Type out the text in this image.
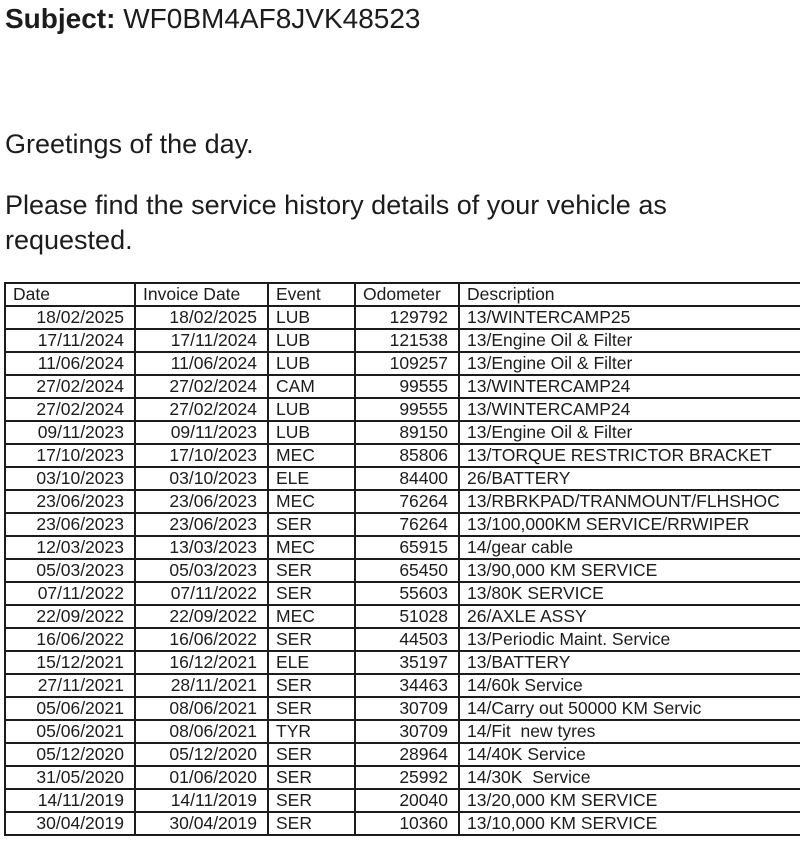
Subject: WF0BM4AF8JVK48523
Greetings of the day.
Please find the service history details of your vehicle as requested.
Date	Invoice Date	Event	Odometer	Description
18/02/2025	18/02/2025	LUB	129792	13/WINTERCAMP25
17/11/2024	17/11/2024	LUB	121538	13/Engine Oil & Filter
11/06/2024	11/06/2024	LUB	109257	13/Engine Oil & Filter
27/02/2024	27/02/2024	CAM	99555	13/WINTERCAMP24
27/02/2024	27/02/2024	LUB	99555	13/WINTERCAMP24
09/11/2023	09/11/2023	LUB	89150	13/Engine Oil & Filter
17/10/2023	17/10/2023	MEC	85806	13/TORQUE RESTRICTOR BRACKET
03/10/2023	03/10/2023	ELE	84400	26/BATTERY
23/06/2023	23/06/2023	MEC	76264	13/RBRKPAD/TRANMOUNT/FLHSHOC
23/06/2023	23/06/2023	SER	76264	13/100,000KM SERVICE/RRWIPER
12/03/2023	13/03/2023	MEC	65915	14/gear cable
05/03/2023	05/03/2023	SER	65450	13/90,000 KM SERVICE
07/11/2022	07/11/2022	SER	55603	13/80K SERVICE
22/09/2022	22/09/2022	MEC	51028	26/AXLE ASSY
16/06/2022	16/06/2022	SER	44503	13/Periodic Maint. Service
15/12/2021	16/12/2021	ELE	35197	13/BATTERY
27/11/2021	28/11/2021	SER	34463	14/60k Service
05/06/2021	08/06/2021	SER	30709	14/Carry out 50000 KM Servic
05/06/2021	08/06/2021	TYR	30709	14/Fit  new tyres
05/12/2020	05/12/2020	SER	28964	14/40K Service
31/05/2020	01/06/2020	SER	25992	14/30K  Service
14/11/2019	14/11/2019	SER	20040	13/20,000 KM SERVICE
30/04/2019	30/04/2019	SER	10360	13/10,000 KM SERVICE
